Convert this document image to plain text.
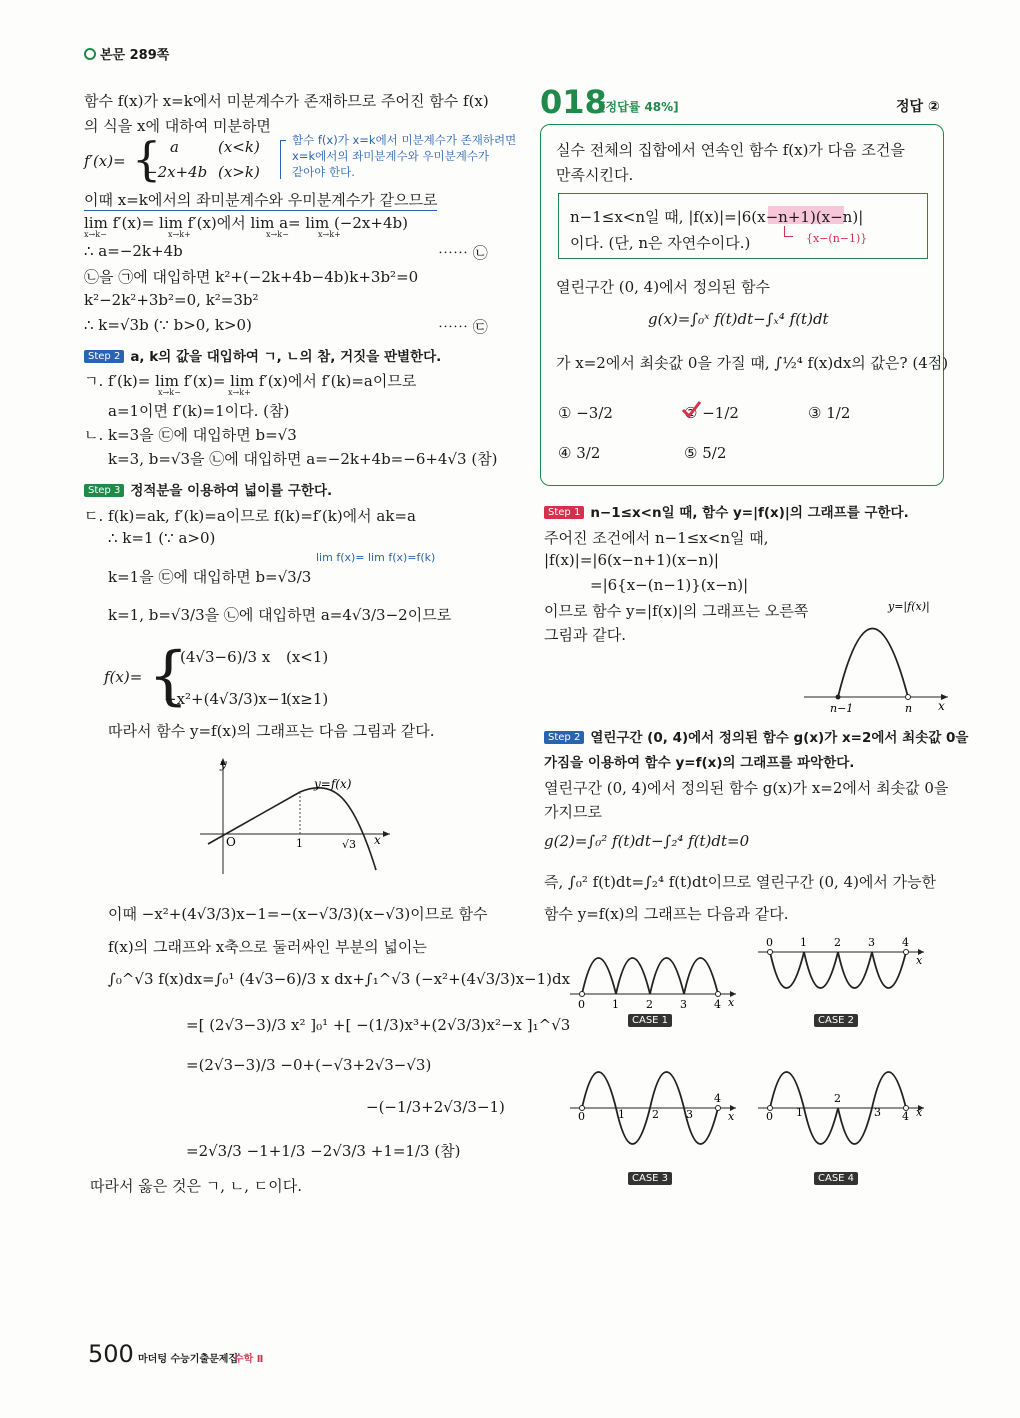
본문 289쪽
함수 f(x)가 x=k에서 미분계수가 존재하므로 주어진 함수 f(x)
의 식을 x에 대하여 미분하면
f′(x)= { a	(x<k)
−2x+4b (x>k)
함수 f(x)가 x=k에서 미분계수가 존재하려면
x=k에서의 좌미분계수와 우미분계수가
같아야 한다.
이때 x=k에서의 좌미분계수와 우미분계수가 같으므로
lim f′(x)= lim f′(x)에서 lim a= lim (−2x+4b)
x→k−	x→k+	x→k−	x→k+
∴ a=−2k+4b	⋯⋯ ㉡
㉡을 ㉠에 대입하면 k²+(−2k+4b−4b)k+3b²=0
k²−2k²+3b²=0, k²=3b²
∴ k=√3b (∵ b>0, k>0)	⋯⋯ ㉢
Step 2 a, k의 값을 대입하여 ㄱ, ㄴ의 참, 거짓을 판별한다.
ㄱ. f′(k)= lim f′(x)= lim f′(x)에서 f′(k)=a이므로
x→k−	x→k+
a=1이면 f′(k)=1이다. (참)
ㄴ. k=3을 ㉢에 대입하면 b=√3
k=3, b=√3을 ㉡에 대입하면 a=−2k+4b=−6+4√3 (참)
Step 3 정적분을 이용하여 넓이를 구한다.
ㄷ. f(k)=ak, f′(k)=a이므로 f(k)=f′(k)에서 ak=a
∴ k=1 (∵ a>0)
lim f(x)= lim f(x)=f(k)
k=1을 ㉢에 대입하면 b=√3/3
k=1, b=√3/3을 ㉡에 대입하면 a=4√3/3−2이므로
f(x)= {
(4√3−6)/3 x (x<1)
−x²+(4√3/3)x−1
(x≥1)
따라서 함수 y=f(x)의 그래프는 다음 그림과 같다.
y
x
O	1	√3
y=f(x)
이때 −x²+(4√3/3)x−1=−(x−√3/3)(x−√3)이므로 함수
f(x)의 그래프와 x축으로 둘러싸인 부분의 넓이는
∫₀^√3 f(x)dx=∫₀¹ (4√3−6)/3 x dx+∫₁^√3 (−x²+(4√3/3)x−1)dx
=[ (2√3−3)/3 x² ]₀¹ +[ −(1/3)x³+(2√3/3)x²−x ]₁^√3
=(2√3−3)/3 −0+(−√3+2√3−√3)
−(−1/3+2√3/3−1)
=2√3/3 −1+1/3 −2√3/3 +1=1/3 (참)
따라서 옳은 것은 ㄱ, ㄴ, ㄷ이다.
018
[정답률 48%]	정답 ②
실수 전체의 집합에서 연속인 함수 f(x)가 다음 조건을
만족시킨다.
n−1≤x<n일 때, |f(x)|=|6(x−n+1)(x−n)|
이다. (단, n은 자연수이다.)	{x−(n−1)}
열린구간 (0, 4)에서 정의된 함수
g(x)=∫₀ˣ f(t)dt−∫ₓ⁴ f(t)dt
가 x=2에서 최솟값 0을 가질 때, ∫½⁴ f(x)dx의 값은? (4점)
① −3/2	② −1/2	③ 1/2
④ 3/2	⑤ 5/2
Step 1 n−1≤x<n일 때, 함수 y=|f(x)|의 그래프를 구한다.
주어진 조건에서 n−1≤x<n일 때,
|f(x)|=|6(x−n+1)(x−n)|
=|6{x−(n−1)}(x−n)|
이므로 함수 y=|f(x)|의 그래프는 오른쪽
그림과 같다.
y=|f(x)|
n−1	n x
Step 2 열린구간 (0, 4)에서 정의된 함수 g(x)가 x=2에서 최솟값 0을
가짐을 이용하여 함수 y=f(x)의 그래프를 파악한다.
열린구간 (0, 4)에서 정의된 함수 g(x)가 x=2에서 최솟값 0을
가지므로
g(2)=∫₀² f(t)dt−∫₂⁴ f(t)dt=0
즉, ∫₀² f(t)dt=∫₂⁴ f(t)dt이므로 열린구간 (0, 4)에서 가능한
함수 y=f(x)의 그래프는 다음과 같다.
0 1 2 3 4 x
CASE 1
0 1 2 3 4
x
CASE 2
0	1 2 3
4
x
CASE 3
0 1
2
3 4 x
CASE 4
500 마더텅 수능기출문제집
수학 Ⅱ
